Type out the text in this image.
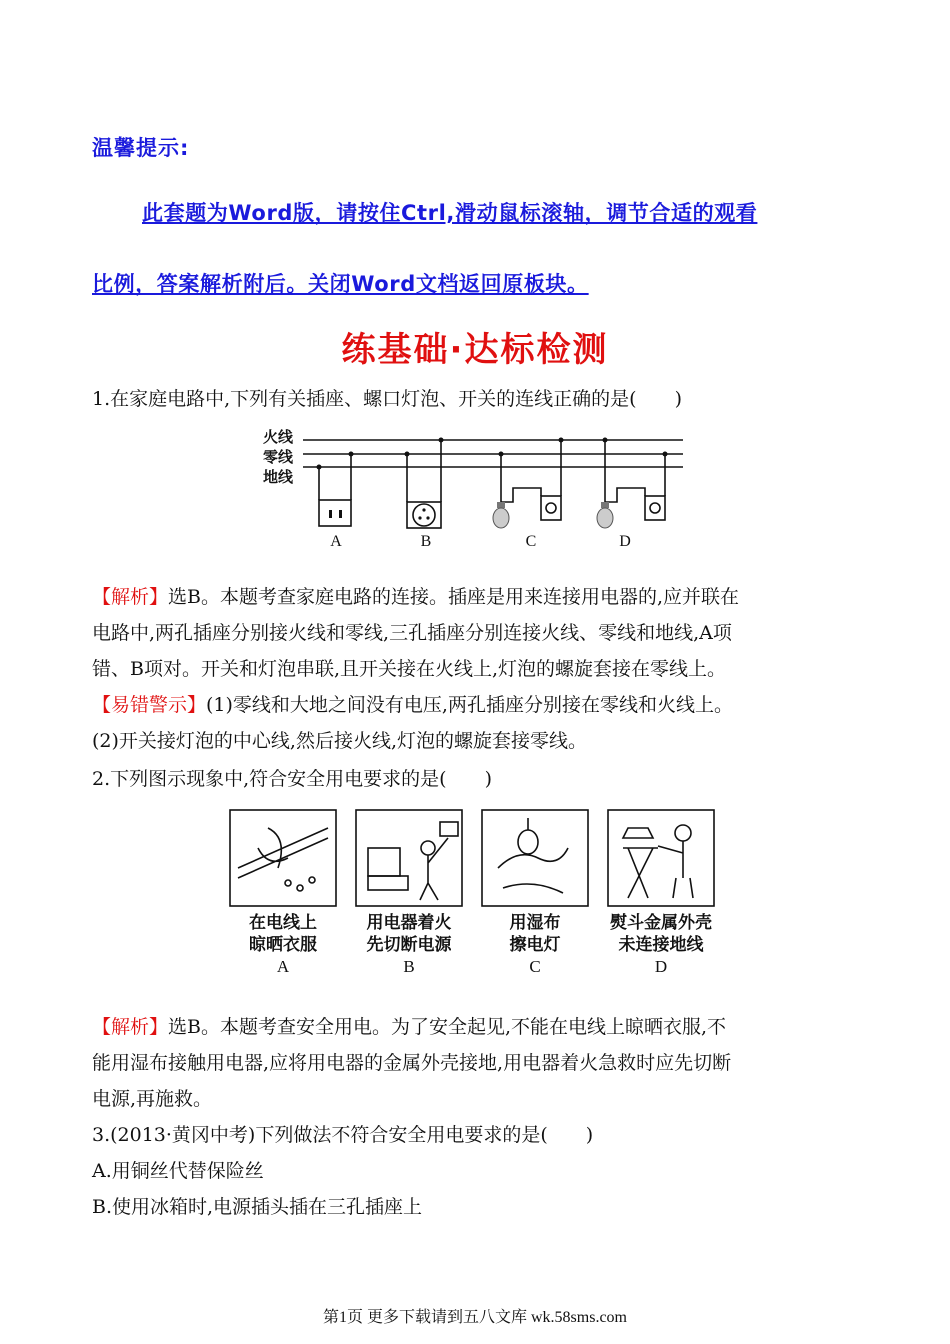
温馨提示:
此套题为Word版，请按住Ctrl,滑动鼠标滚轴，调节合适的观看
比例，答案解析附后。关闭Word文档返回原板块。
练基础·达标检测
1.在家庭电路中,下列有关插座、螺口灯泡、开关的连线正确的是(　　)
火线
零线
地线
A	B	C	D
【解析】选B。本题考查家庭电路的连接。插座是用来连接用电器的,应并联在
电路中,两孔插座分别接火线和零线,三孔插座分别连接火线、零线和地线,A项
错、B项对。开关和灯泡串联,且开关接在火线上,灯泡的螺旋套接在零线上。
【易错警示】(1)零线和大地之间没有电压,两孔插座分别接在零线和火线上。
(2)开关接灯泡的中心线,然后接火线,灯泡的螺旋套接零线。
2.下列图示现象中,符合安全用电要求的是(　　)
在电线上
晾晒衣服
A
用电器着火
先切断电源
B
用湿布
擦电灯
C
熨斗金属外壳
未连接地线
D
【解析】选B。本题考查安全用电。为了安全起见,不能在电线上晾晒衣服,不
能用湿布接触用电器,应将用电器的金属外壳接地,用电器着火急救时应先切断
电源,再施救。
3.(2013·黄冈中考)下列做法不符合安全用电要求的是(　　)
A.用铜丝代替保险丝
B.使用冰箱时,电源插头插在三孔插座上
第1页 更多下载请到五八文库 wk.58sms.com
